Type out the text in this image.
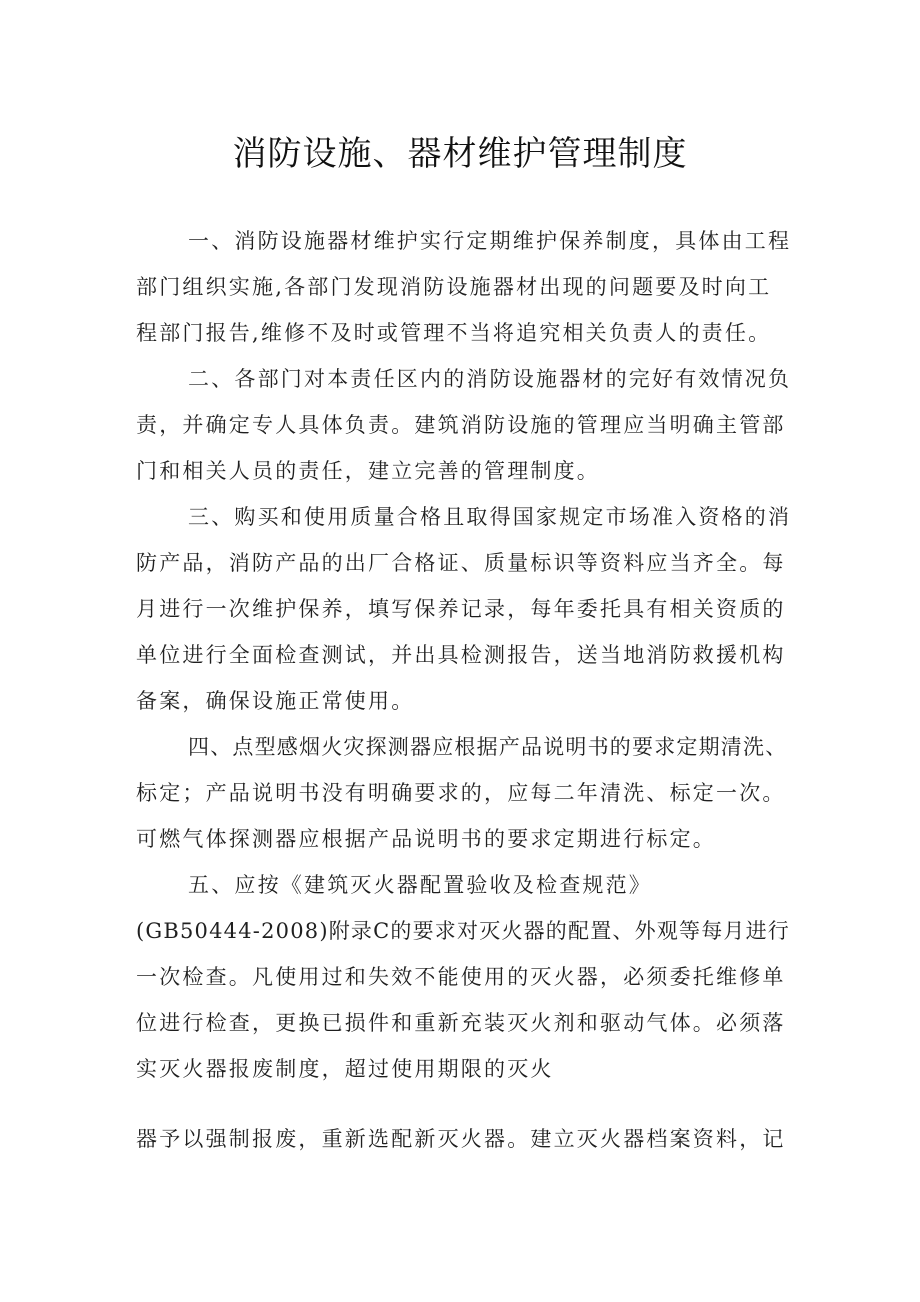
消防设施、器材维护管理制度
一、消防设施器材维护实行定期维护保养制度，具体由工程
部门组织实施,各部门发现消防设施器材出现的问题要及时向工
程部门报告,维修不及时或管理不当将追究相关负责人的责任。
二、各部门对本责任区内的消防设施器材的完好有效情况负
责，并确定专人具体负责。建筑消防设施的管理应当明确主管部
门和相关人员的责任，建立完善的管理制度。
三、购买和使用质量合格且取得国家规定市场准入资格的消
防产品，消防产品的出厂合格证、质量标识等资料应当齐全。每
月进行一次维护保养，填写保养记录，每年委托具有相关资质的
单位进行全面检查测试，并出具检测报告，送当地消防救援机构
备案，确保设施正常使用。
四、点型感烟火灾探测器应根据产品说明书的要求定期清洗、
标定；产品说明书没有明确要求的，应每二年清洗、标定一次。
可燃气体探测器应根据产品说明书的要求定期进行标定。
五、应按《建筑灭火器配置验收及检查规范》
(GB50444-2008)附录C的要求对灭火器的配置、外观等每月进行
一次检查。凡使用过和失效不能使用的灭火器，必须委托维修单
位进行检查，更换已损件和重新充装灭火剂和驱动气体。必须落
实灭火器报废制度，超过使用期限的灭火
器予以强制报废，重新选配新灭火器。建立灭火器档案资料，记
